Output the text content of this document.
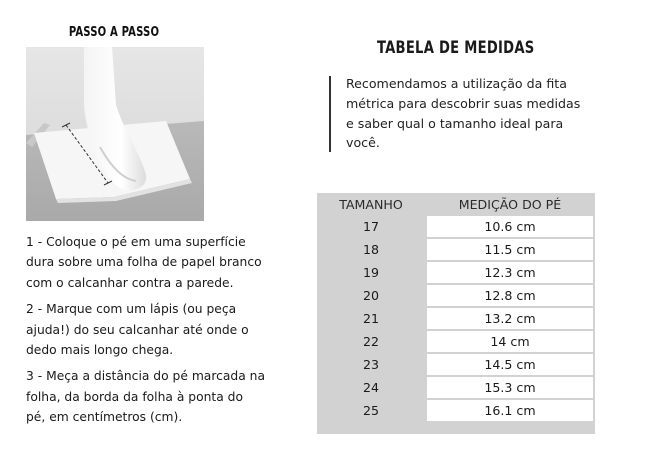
PASSO A PASSO

1 - Coloque o pé em uma superfície dura sobre uma folha de papel branco com o calcanhar contra a parede.

2 - Marque com um lápis (ou peça ajuda!) do seu calcanhar até onde o dedo mais longo chega.

3 - Meça a distância do pé marcada na folha, da borda da folha à ponta do pé, em centímetros (cm).

TABELA DE MEDIDAS
Recomendamos a utilização da fita métrica para descobrir suas medidas e saber qual o tamanho ideal para você.
TAMANHO	MEDIÇÃO DO PÉ
17	10.6 cm
18	11.5 cm
19	12.3 cm
20	12.8 cm
21	13.2 cm
22	14 cm
23	14.5 cm
24	15.3 cm
25	16.1 cm
